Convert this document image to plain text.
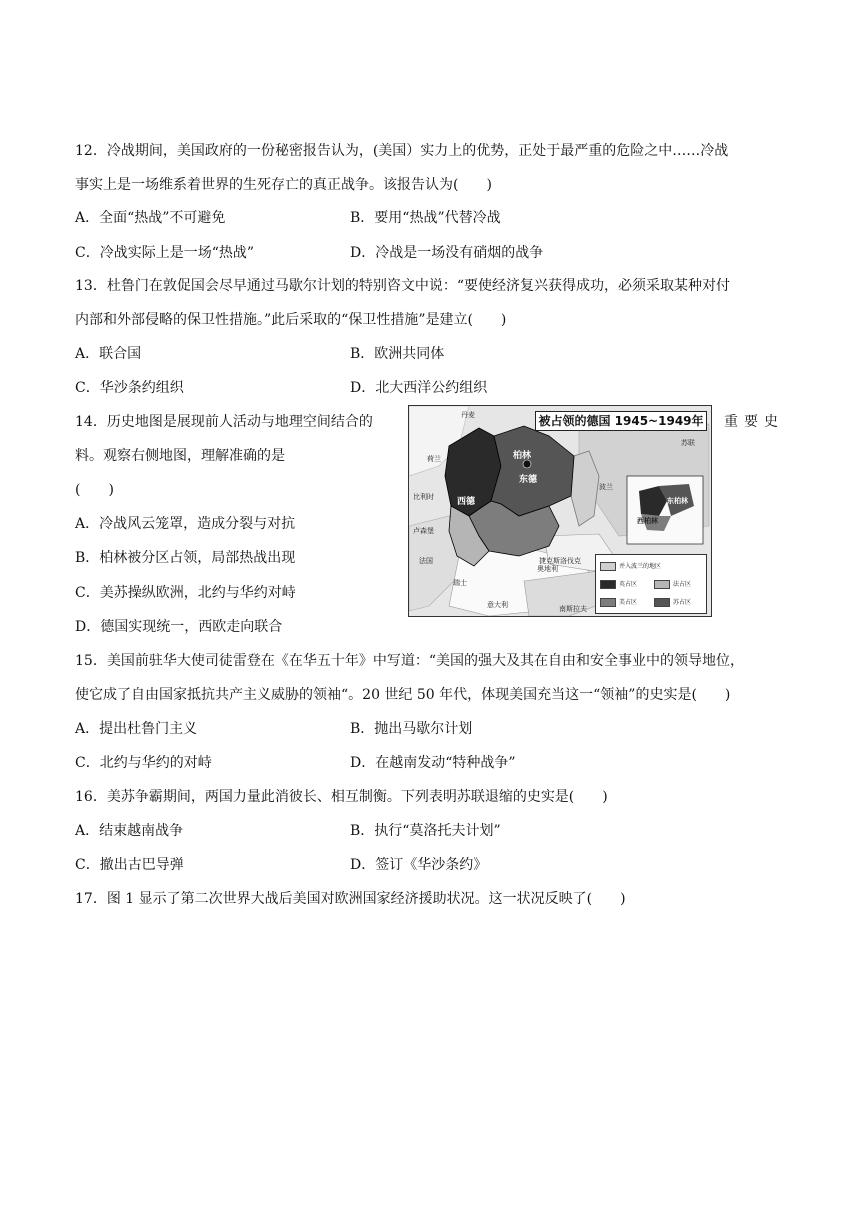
12．冷战期间，美国政府的一份秘密报告认为，(美国）实力上的优势，正处于最严重的危险之中……冷战
事实上是一场维系着世界的生死存亡的真正战争。该报告认为(　　)
A．全面“热战”不可避免	B．要用“热战”代替冷战
C．冷战实际上是一场“热战”	D．冷战是一场没有硝烟的战争
13．杜鲁门在敦促国会尽早通过马歇尔计划的特别咨文中说：“要使经济复兴获得成功，必须采取某种对付
内部和外部侵略的保卫性措施。”此后采取的“保卫性措施”是建立(　　)
A．联合国	B．欧洲共同体
C．华沙条约组织	D．北大西洋公约组织
14．历史地图是展现前人活动与地理空间结合的	重要史
料。观察右侧地图，理解准确的是
(　　)
A．冷战风云笼罩，造成分裂与对抗
B．柏林被分区占领，局部热战出现
C．美苏操纵欧洲，北约与华约对峙
D．德国实现统一，西欧走向联合
被占领的德国 1945~1949年
柏林
东德
西德
荷兰
比利时
卢森堡
法国
波兰
捷克斯洛伐克
奥地利
瑞士
意大利	南斯拉夫
丹麦
苏联
东柏林
西柏林
并入波兰的地区
英占区	法占区
美占区	苏占区
15．美国前驻华大使司徒雷登在《在华五十年》中写道：“美国的强大及其在自由和安全事业中的领导地位，
使它成了自由国家抵抗共产主义威胁的领袖“。20 世纪 50 年代，体现美国充当这一“领袖”的史实是(　　)
A．提出杜鲁门主义	B．抛出马歇尔计划
C．北约与华约的对峙	D．在越南发动“特种战争”
16．美苏争霸期间，两国力量此消彼长、相互制衡。下列表明苏联退缩的史实是(　　)
A．结束越南战争	B．执行“莫洛托夫计划”
C．撤出古巴导弹	D．签订《华沙条约》
17．图 1 显示了第二次世界大战后美国对欧洲国家经济援助状况。这一状况反映了(　　)
